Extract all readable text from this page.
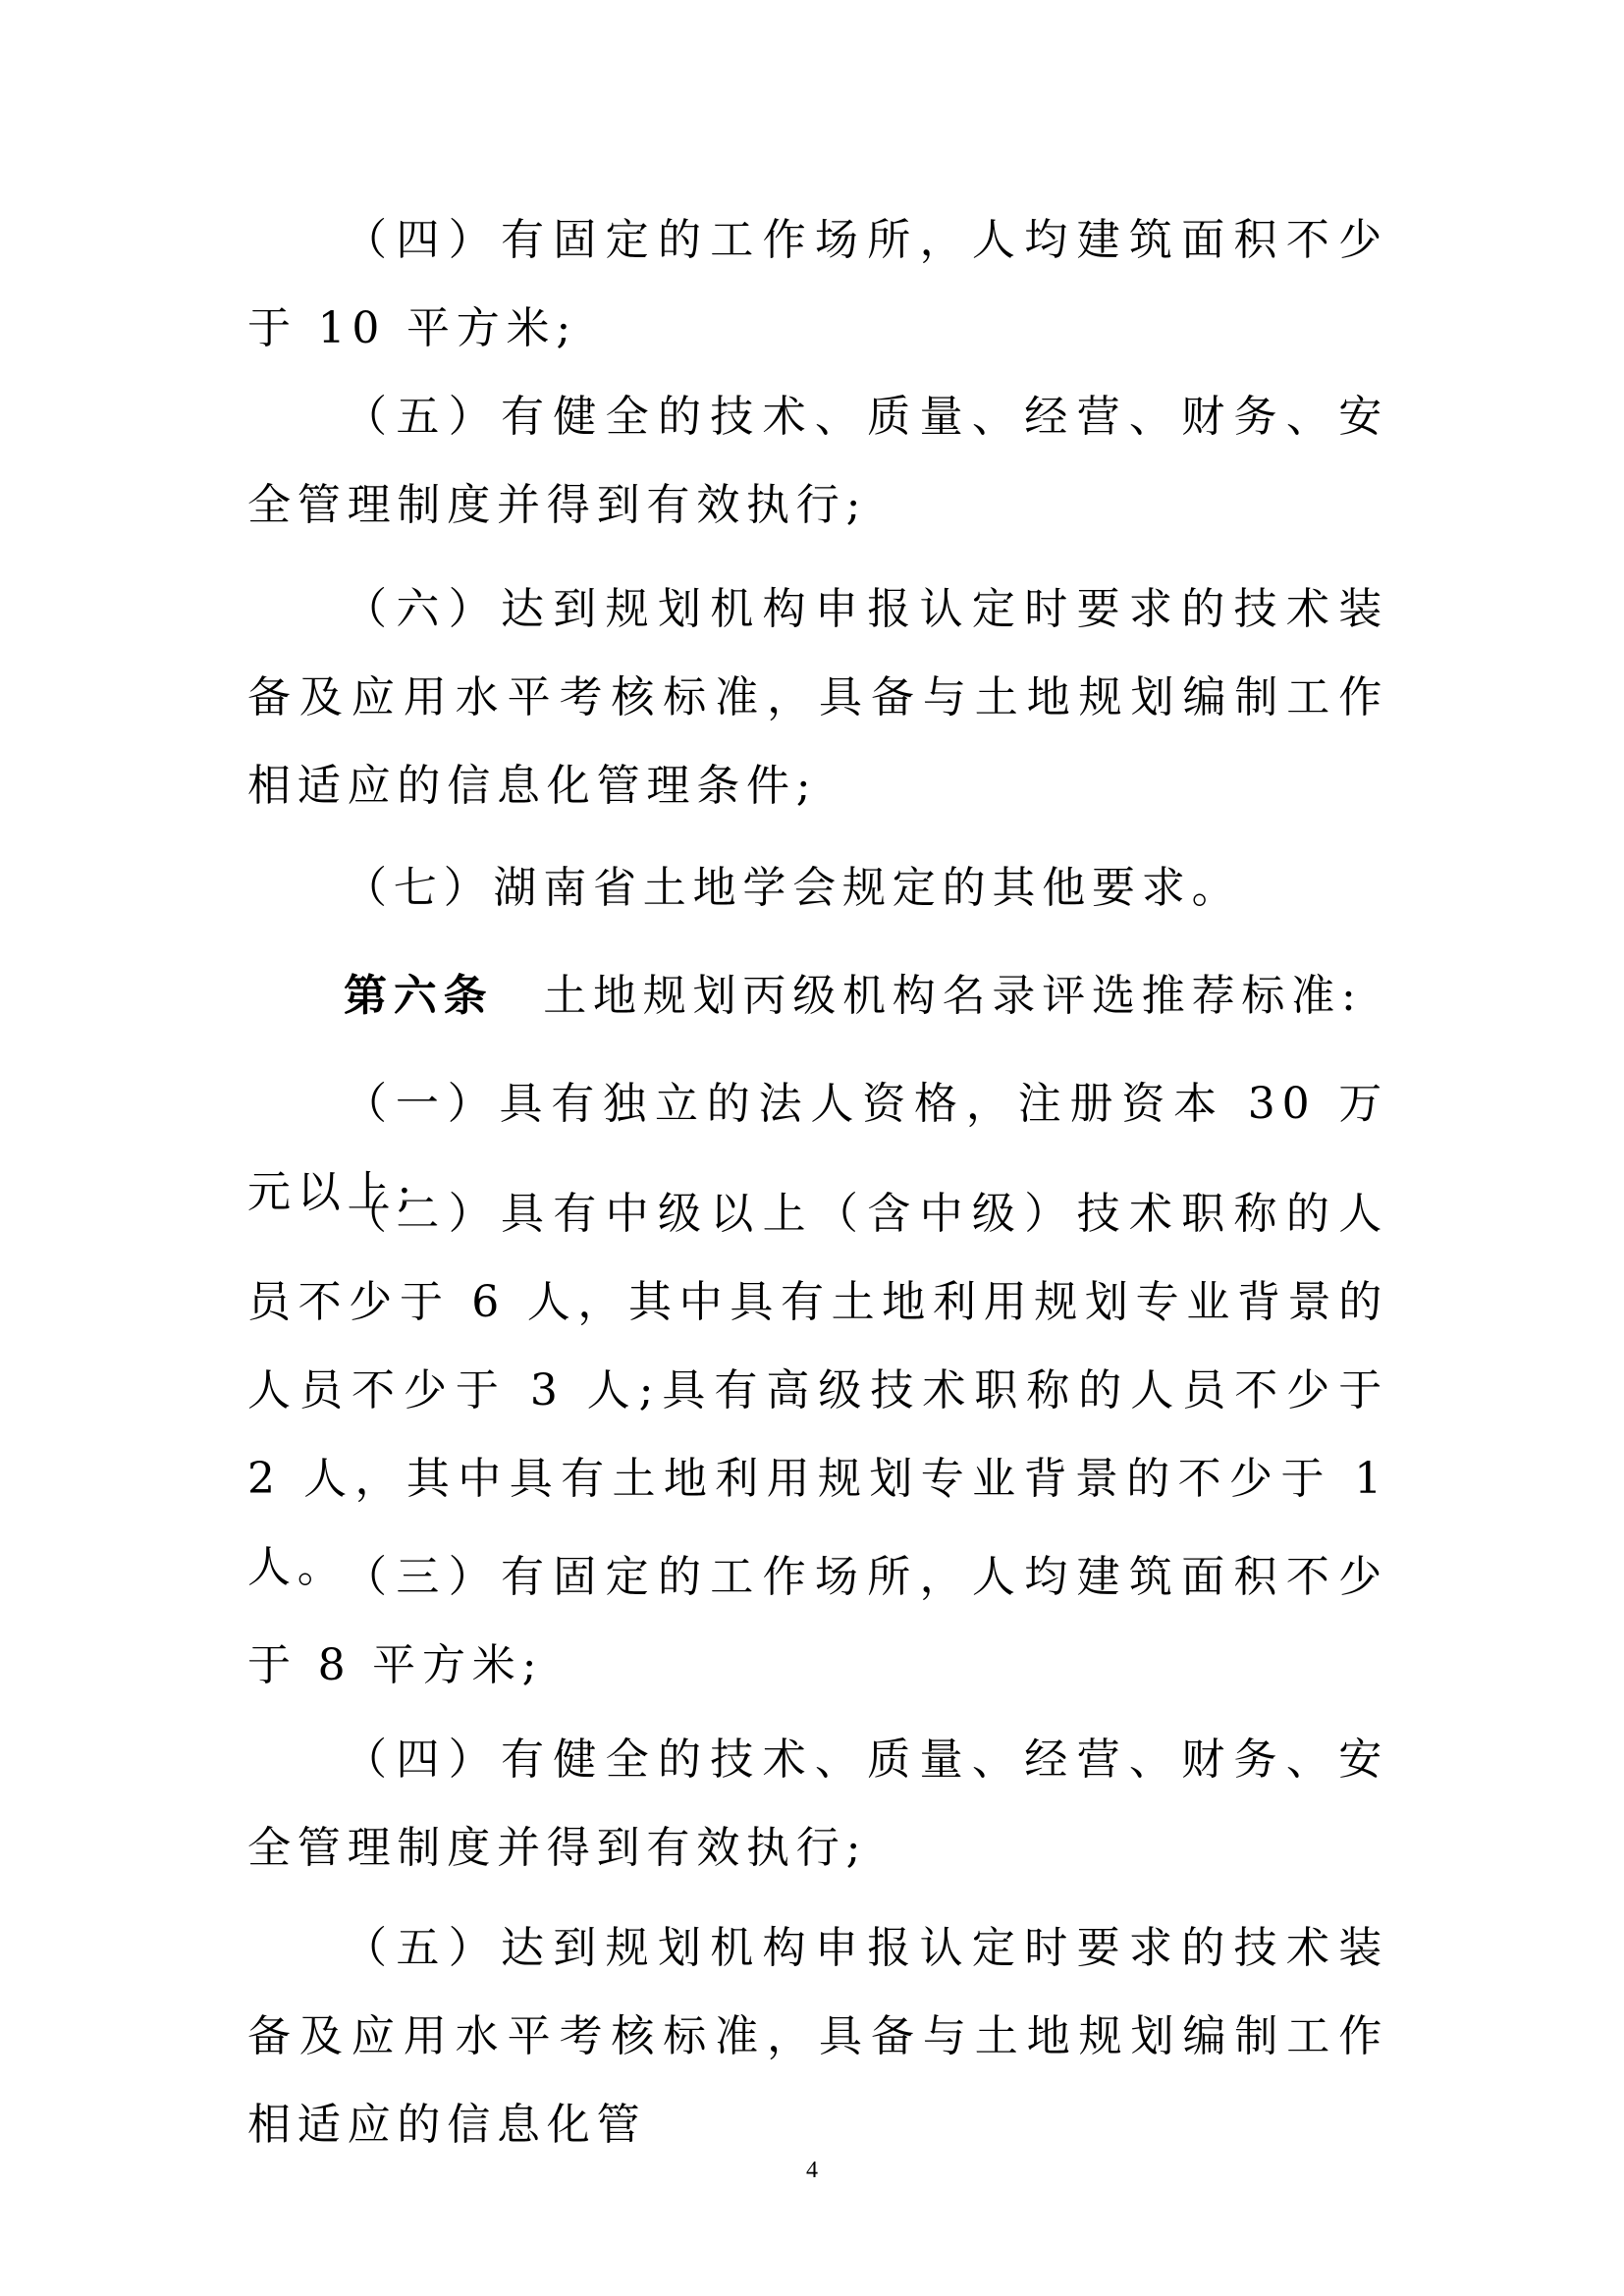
（四）有固定的工作场所，人均建筑面积不少于 10 平方米;

（五）有健全的技术、质量、经营、财务、安全管理制度并得到有效执行;

（六）达到规划机构申报认定时要求的技术装备及应用水平考核标准，具备与土地规划编制工作相适应的信息化管理条件;

（七）湖南省土地学会规定的其他要求。

第六条　土地规划丙级机构名录评选推荐标准:

（一）具有独立的法人资格，注册资本 30 万元以上;

（二）具有中级以上（含中级）技术职称的人员不少于 6 人，其中具有土地利用规划专业背景的人员不少于 3 人;具有高级技术职称的人员不少于 2 人，其中具有土地利用规划专业背景的不少于 1 人。

（三）有固定的工作场所，人均建筑面积不少于 8 平方米;

（四）有健全的技术、质量、经营、财务、安全管理制度并得到有效执行;

（五）达到规划机构申报认定时要求的技术装备及应用水平考核标准，具备与土地规划编制工作相适应的信息化管

4
